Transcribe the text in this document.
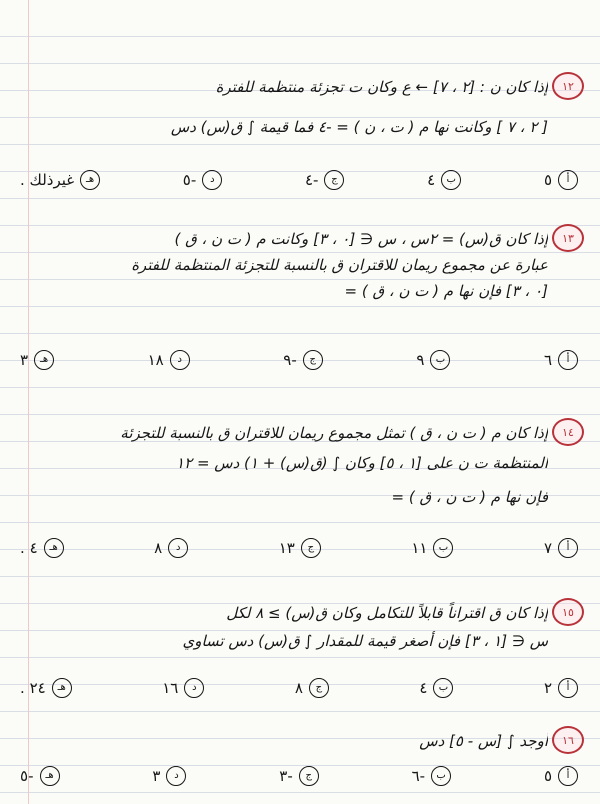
١٢
إذا كان ن : [٢ ، ٧] ← ع وكان ت تجزئة منتظمة للفترة
[ ٢ ، ٧ ] وكانت نها م ( ت ، ن ) = -٤ فما قيمة ∫ ق(س) دس
أ
٥
ب
٤
ج
-٤
د
-٥
هـ
غيرذلك .
١٣
إذا كان ق(س) = ٢س ، س ∈ [٠ ، ٣] وكانت م ( ت ن ، ق )
عبارة عن مجموع ريمان للاقتران ق بالنسبة للتجزئة المنتظمة للفترة
[٠ ، ٣] فإن نها م ( ت ن ، ق ) =
أ
٦
ب
٩
ج
-٩
د
١٨
هـ
٣
١٤
إذا كان م ( ت ن ، ق ) تمثل مجموع ريمان للاقتران ق بالنسبة للتجزئة
المنتظمة ت ن على [١ ، ٥] وكان ∫ (ق(س) + ١) دس = ١٢
فإن نها م ( ت ن ، ق ) =
أ
٧
ب
١١
ج
١٣
د
٨
هـ
٤ .
١٥
إذا كان ق اقتراناً قابلاً للتكامل وكان ق(س) ≥ ٨ لكل
س ∈ [١ ، ٣] فإن أصغر قيمة للمقدار ∫ ق(س) دس تساوي
أ
٢
ب
٤
ج
٨
د
١٦
هـ
٢٤ .
١٦
أوجد ∫ [س - ٥] دس
أ
٥
ب
-٦
ج
-٣
د
٣
هـ
-٥
